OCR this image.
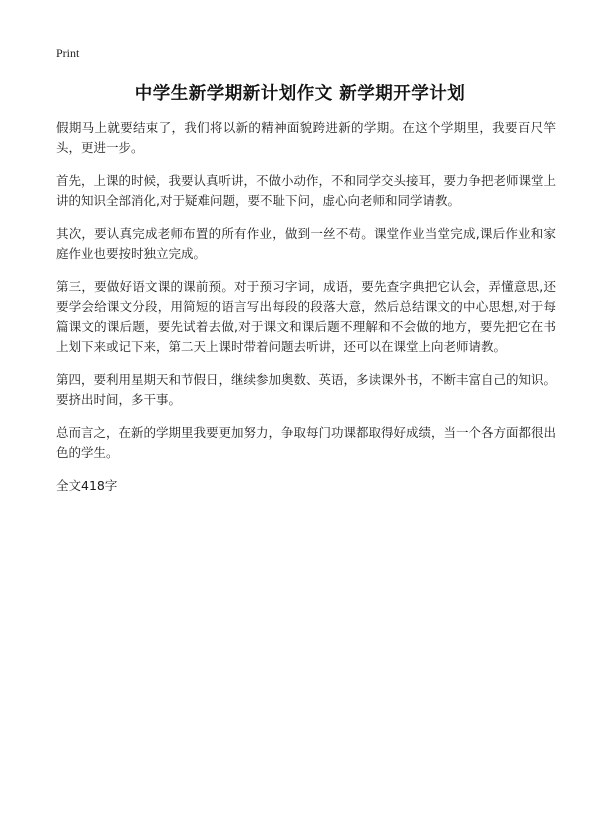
Print
中学生新学期新计划作文 新学期开学计划

假期马上就要结束了，我们将以新的精神面貌跨进新的学期。在这个学期里，我要百尺竿头，更进一步。

首先，上课的时候，我要认真听讲，不做小动作，不和同学交头接耳，要力争把老师课堂上讲的知识全部消化,对于疑难问题，要不耻下问，虚心向老师和同学请教。

其次，要认真完成老师布置的所有作业，做到一丝不苟。课堂作业当堂完成,课后作业和家庭作业也要按时独立完成。

第三，要做好语文课的课前预。对于预习字词，成语，要先查字典把它认会，弄懂意思,还要学会给课文分段，用简短的语言写出每段的段落大意，然后总结课文的中心思想,对于每篇课文的课后题，要先试着去做,对于课文和课后题不理解和不会做的地方，要先把它在书上划下来或记下来，第二天上课时带着问题去听讲，还可以在课堂上向老师请教。

第四，要利用星期天和节假日，继续参加奥数、英语，多读课外书，不断丰富自己的知识。要挤出时间，多干事。

总而言之，在新的学期里我要更加努力，争取每门功课都取得好成绩，当一个各方面都很出色的学生。

全文418字
